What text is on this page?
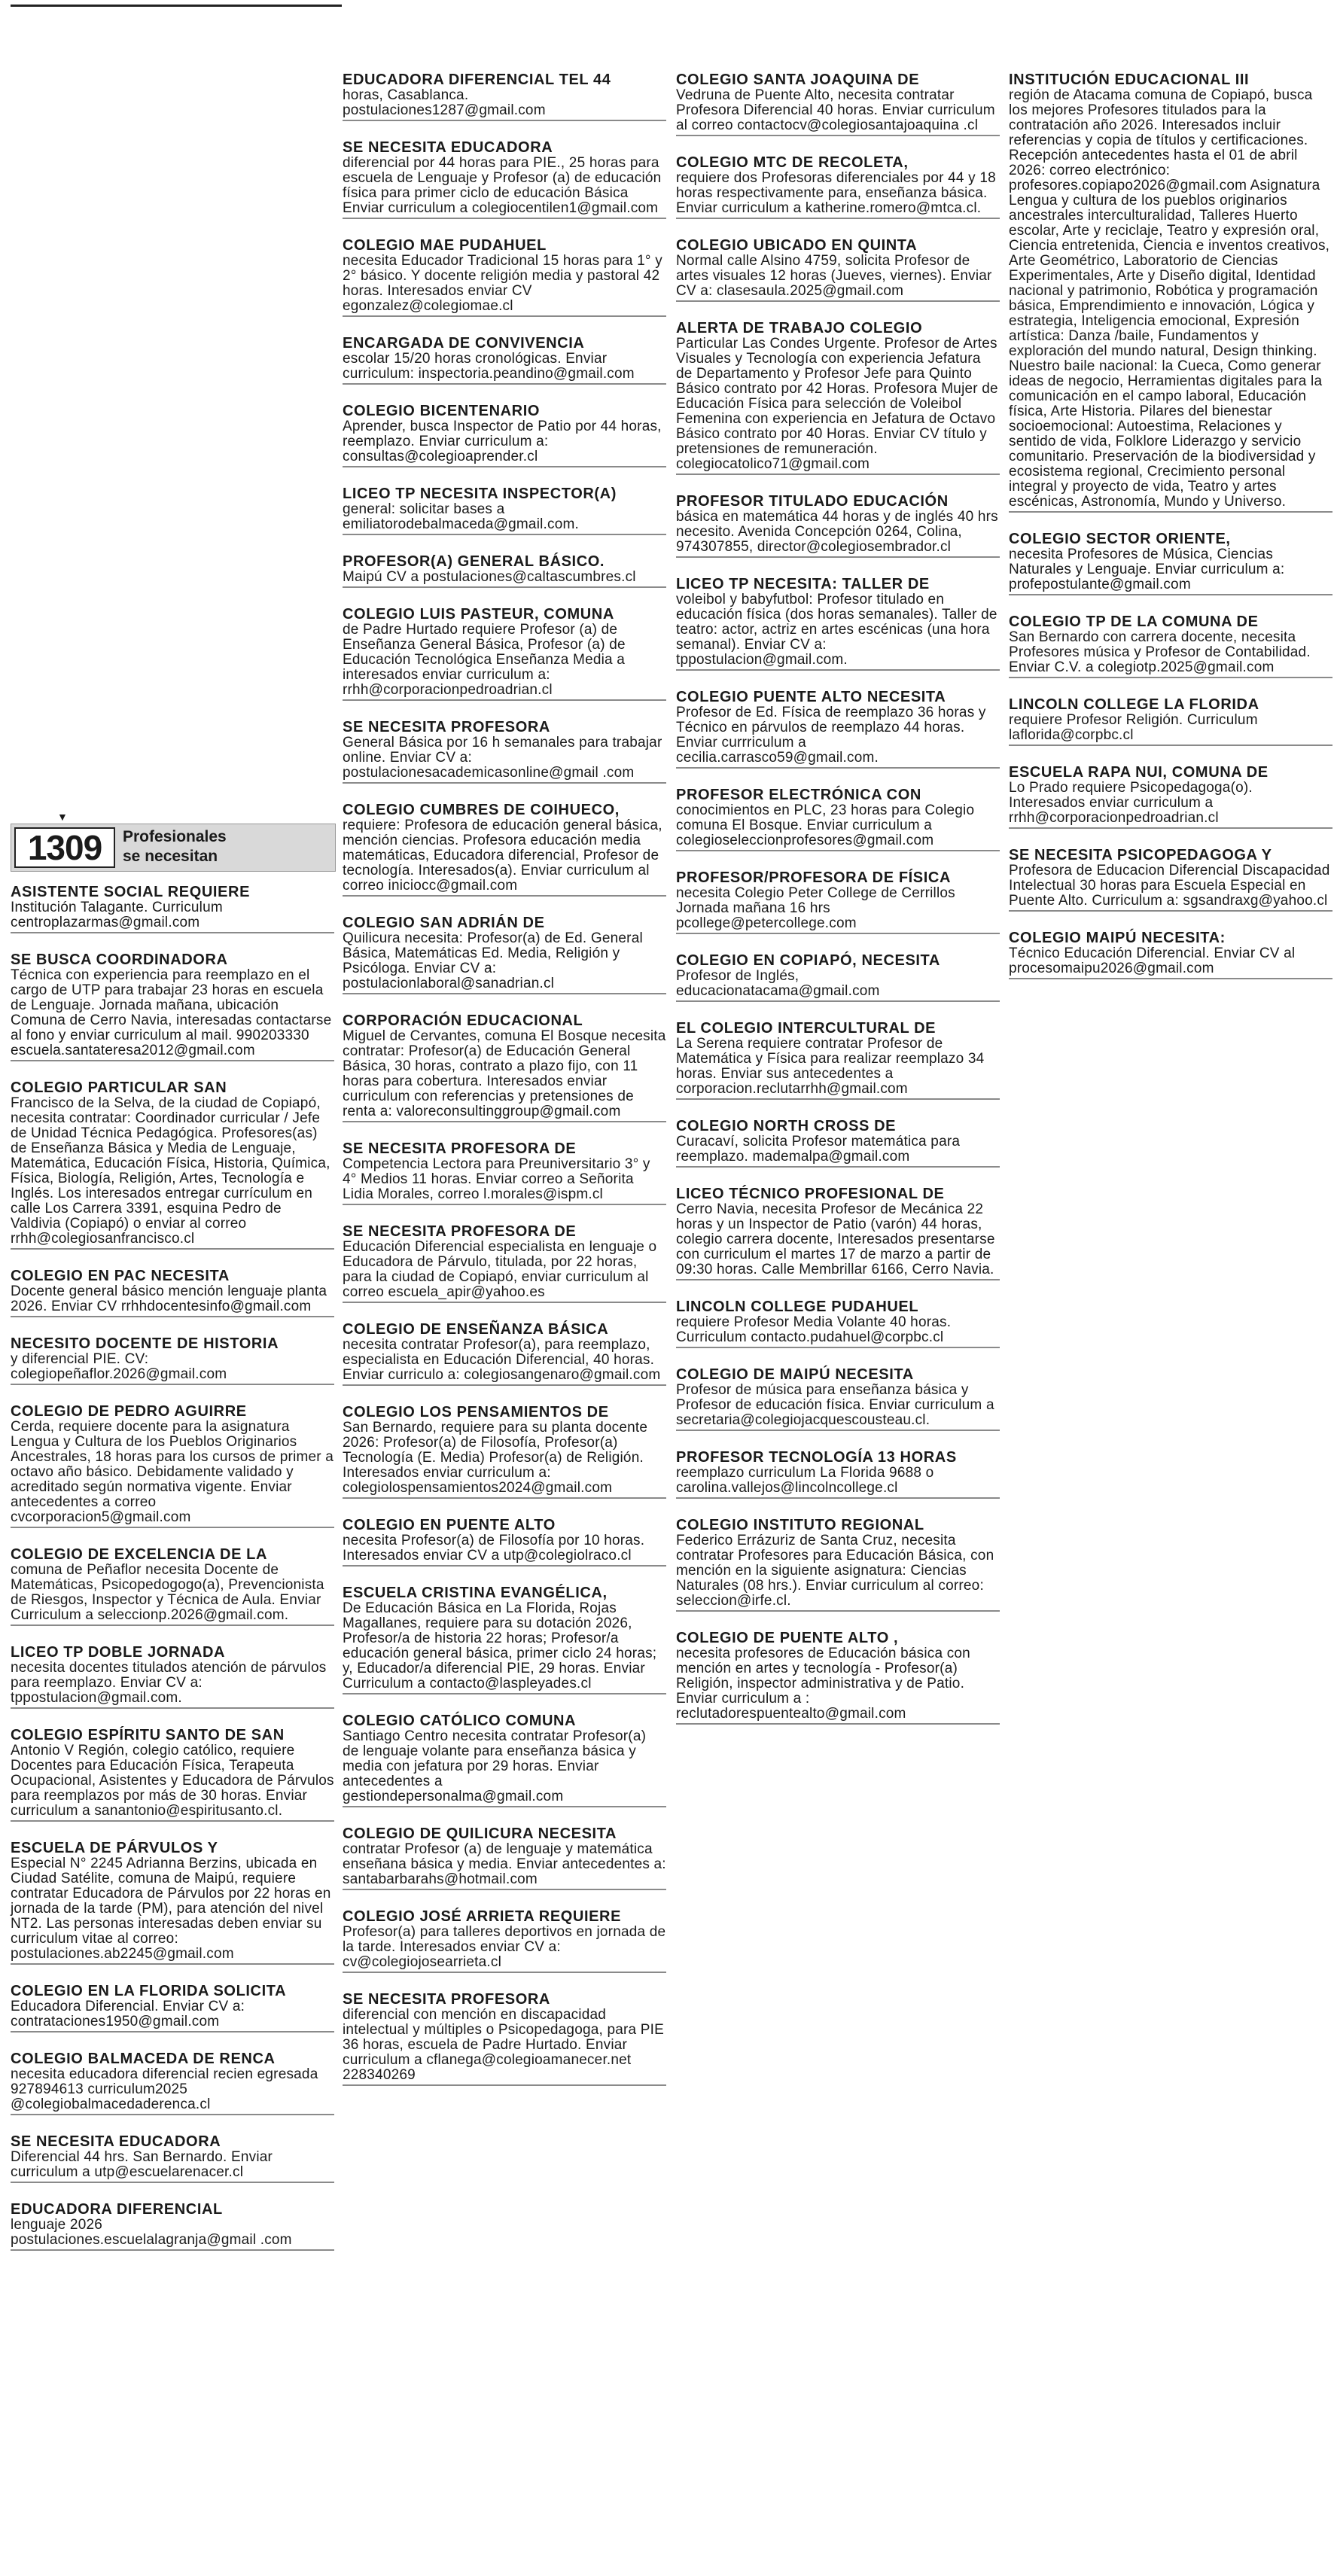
▼
1309	Profesionales
se necesitan
ASISTENTE SOCIAL REQUIERE
Institución Talagante. Curriculum centroplazarmas@gmail.com
SE BUSCA COORDINADORA
Técnica con experiencia para reemplazo en el cargo de UTP para trabajar 23 horas en escuela de Lenguaje. Jornada mañana, ubicación Comuna de Cerro Navia, interesadas contactarse al fono y enviar curriculum al mail. 990203330 escuela.santateresa2012@gmail.com
COLEGIO PARTICULAR SAN
Francisco de la Selva, de la ciudad de Copiapó, necesita contratar: Coordinador curricular / Jefe de Unidad Técnica Pedagógica. Profesores(as) de Enseñanza Básica y Media de Lenguaje, Matemática, Educación Física, Historia, Química, Física, Biología, Religión, Artes, Tecnología e Inglés. Los interesados entregar currículum en calle Los Carrera 3391, esquina Pedro de Valdivia (Copiapó) o enviar al correo rrhh@colegiosanfrancisco.cl
COLEGIO EN PAC NECESITA
Docente general básico mención lenguaje planta 2026. Enviar CV rrhhdocentesinfo@gmail.com
NECESITO DOCENTE DE HISTORIA
y diferencial PIE. CV: colegiopeñaflor.2026@gmail.com
COLEGIO DE PEDRO AGUIRRE
Cerda, requiere docente para la asignatura Lengua y Cultura de los Pueblos Originarios Ancestrales, 18 horas para los cursos de primer a octavo año básico. Debidamente validado y acreditado según normativa vigente. Enviar antecedentes a correo cvcorporacion5@gmail.com
COLEGIO DE EXCELENCIA DE LA
comuna de Peñaflor necesita Docente de Matemáticas, Psicopedogogo(a), Prevencionista de Riesgos, Inspector y Técnica de Aula. Enviar Curriculum a seleccionp.2026@gmail.com.
LICEO TP DOBLE JORNADA
necesita docentes titulados atención de párvulos para reemplazo. Enviar CV a: tppostulacion@gmail.com.
COLEGIO ESPÍRITU SANTO DE SAN
Antonio V Región, colegio católico, requiere Docentes para Educación Física, Terapeuta Ocupacional, Asistentes y Educadora de Párvulos para reemplazos por más de 30 horas. Enviar curriculum a sanantonio@espiritusanto.cl.
ESCUELA DE PÁRVULOS Y
Especial N° 2245 Adrianna Berzins, ubicada en Ciudad Satélite, comuna de Maipú, requiere contratar Educadora de Párvulos por 22 horas en jornada de la tarde (PM), para atención del nivel NT2. Las personas interesadas deben enviar su curriculum vitae al correo: postulaciones.ab2245@gmail.com
COLEGIO EN LA FLORIDA SOLICITA
Educadora Diferencial. Enviar CV a: contrataciones1950@gmail.com
COLEGIO BALMACEDA DE RENCA
necesita educadora diferencial recien egresada 927894613 curriculum2025 @colegiobalmacedaderenca.cl
SE NECESITA EDUCADORA
Diferencial 44 hrs. San Bernardo. Enviar curriculum a utp@escuelarenacer.cl
EDUCADORA DIFERENCIAL
lenguaje 2026 postulaciones.escuelalagranja@gmail .com
EDUCADORA DIFERENCIAL TEL 44
horas, Casablanca. postulaciones1287@gmail.com
SE NECESITA EDUCADORA
diferencial por 44 horas para PIE., 25 horas para escuela de Lenguaje y Profesor (a) de educación física para primer ciclo de educación Básica Enviar curriculum a colegiocentilen1@gmail.com
COLEGIO MAE PUDAHUEL
necesita Educador Tradicional 15 horas para 1° y 2° básico. Y docente religión media y pastoral 42 horas. Interesados enviar CV egonzalez@colegiomae.cl
ENCARGADA DE CONVIVENCIA
escolar 15/20 horas cronológicas. Enviar curriculum: inspectoria.peandino@gmail.com
COLEGIO BICENTENARIO
Aprender, busca Inspector de Patio por 44 horas, reemplazo. Enviar curriculum a: consultas@colegioaprender.cl
LICEO TP NECESITA INSPECTOR(A)
general: solicitar bases a emiliatorodebalmaceda@gmail.com.
PROFESOR(A) GENERAL BÁSICO.
Maipú CV a postulaciones@caltascumbres.cl
COLEGIO LUIS PASTEUR, COMUNA
de Padre Hurtado requiere Profesor (a) de Enseñanza General Básica, Profesor (a) de Educación Tecnológica Enseñanza Media a interesados enviar curriculum a: rrhh@corporacionpedroadrian.cl
SE NECESITA PROFESORA
General Básica por 16 h semanales para trabajar online. Enviar CV a: postulacionesacademicasonline@gmail .com
COLEGIO CUMBRES DE COIHUECO,
requiere: Profesora de educación general básica, mención ciencias. Profesora educación media matemáticas, Educadora diferencial, Profesor de tecnología. Interesados(a). Enviar curriculum al correo iniciocc@gmail.com
COLEGIO SAN ADRIÁN DE
Quilicura necesita: Profesor(a) de Ed. General Básica, Matemáticas Ed. Media, Religión y Psicóloga. Enviar CV a: postulacionlaboral@sanadrian.cl
CORPORACIÓN EDUCACIONAL
Miguel de Cervantes, comuna El Bosque necesita contratar: Profesor(a) de Educación General Básica, 30 horas, contrato a plazo fijo, con 11 horas para cobertura. Interesados enviar curriculum con referencias y pretensiones de renta a: valoreconsultinggroup@gmail.com
SE NECESITA PROFESORA DE
Competencia Lectora para Preuniversitario 3° y 4° Medios 11 horas. Enviar correo a Señorita Lidia Morales, correo l.morales@ispm.cl
SE NECESITA PROFESORA DE
Educación Diferencial especialista en lenguaje o Educadora de Párvulo, titulada, por 22 horas, para la ciudad de Copiapó, enviar curriculum al correo escuela_apir@yahoo.es
COLEGIO DE ENSEÑANZA BÁSICA
necesita contratar Profesor(a), para reemplazo, especialista en Educación Diferencial, 40 horas. Enviar curriculo a: colegiosangenaro@gmail.com
COLEGIO LOS PENSAMIENTOS DE
San Bernardo, requiere para su planta docente 2026: Profesor(a) de Filosofía, Profesor(a) Tecnología (E. Media) Profesor(a) de Religión. Interesados enviar curriculum a: colegiolospensamientos2024@gmail.com
COLEGIO EN PUENTE ALTO
necesita Profesor(a) de Filosofía por 10 horas. Interesados enviar CV a utp@colegiolraco.cl
ESCUELA CRISTINA EVANGÉLICA,
De Educación Básica en La Florida, Rojas Magallanes, requiere para su dotación 2026, Profesor/a de historia 22 horas; Profesor/a educación general básica, primer ciclo 24 horas; y, Educador/a diferencial PIE, 29 horas. Enviar Curriculum a contacto@laspleyades.cl
COLEGIO CATÓLICO COMUNA
Santiago Centro necesita contratar Profesor(a) de lenguaje volante para enseñanza básica y media con jefatura por 29 horas. Enviar antecedentes a gestiondepersonalma@gmail.com
COLEGIO DE QUILICURA NECESITA
contratar Profesor (a) de lenguaje y matemática enseñana básica y media. Enviar antecedentes a: santabarbarahs@hotmail.com
COLEGIO JOSÉ ARRIETA REQUIERE
Profesor(a) para talleres deportivos en jornada de la tarde. Interesados enviar CV a: cv@colegiojosearrieta.cl
SE NECESITA PROFESORA
diferencial con mención en discapacidad intelectual y múltiples o Psicopedagoga, para PIE 36 horas, escuela de Padre Hurtado. Enviar curriculum a cflanega@colegioamanecer.net 228340269
COLEGIO SANTA JOAQUINA DE
Vedruna de Puente Alto, necesita contratar Profesora Diferencial 40 horas. Enviar curriculum al correo contactocv@colegiosantajoaquina .cl
COLEGIO MTC DE RECOLETA,
requiere dos Profesoras diferenciales por 44 y 18 horas respectivamente para, enseñanza básica. Enviar curriculum a katherine.romero@mtca.cl.
COLEGIO UBICADO EN QUINTA
Normal calle Alsino 4759, solicita Profesor de artes visuales 12 horas (Jueves, viernes). Enviar CV a: clasesaula.2025@gmail.com
ALERTA DE TRABAJO COLEGIO
Particular Las Condes Urgente. Profesor de Artes Visuales y Tecnología con experiencia Jefatura de Departamento y Profesor Jefe para Quinto Básico contrato por 42 Horas. Profesora Mujer de Educación Física para selección de Voleibol Femenina con experiencia en Jefatura de Octavo Básico contrato por 40 Horas. Enviar CV título y pretensiones de remuneración. colegiocatolico71@gmail.com
PROFESOR TITULADO EDUCACIÓN
básica en matemática 44 horas y de inglés 40 hrs necesito. Avenida Concepción 0264, Colina, 974307855, director@colegiosembrador.cl
LICEO TP NECESITA: TALLER DE
voleibol y babyfutbol: Profesor titulado en educación física (dos horas semanales). Taller de teatro: actor, actriz en artes escénicas (una hora semanal). Enviar CV a: tppostulacion@gmail.com.
COLEGIO PUENTE ALTO NECESITA
Profesor de Ed. Física de reemplazo 36 horas y Técnico en párvulos de reemplazo 44 horas. Enviar currriculum a cecilia.carrasco59@gmail.com.
PROFESOR ELECTRÓNICA CON
conocimientos en PLC, 23 horas para Colegio comuna El Bosque. Enviar curriculum a colegioseleccionprofesores@gmail.com
PROFESOR/PROFESORA DE FÍSICA
necesita Colegio Peter College de Cerrillos Jornada mañana 16 hrs pcollege@petercollege.com
COLEGIO EN COPIAPÓ, NECESITA
Profesor de Inglés, educacionatacama@gmail.com
EL COLEGIO INTERCULTURAL DE
La Serena requiere contratar Profesor de Matemática y Física para realizar reemplazo 34 horas. Enviar sus antecedentes a corporacion.reclutarrhh@gmail.com
COLEGIO NORTH CROSS DE
Curacaví, solicita Profesor matemática para reemplazo. mademalpa@gmail.com
LICEO TÉCNICO PROFESIONAL DE
Cerro Navia, necesita Profesor de Mecánica 22 horas y un Inspector de Patio (varón) 44 horas, colegio carrera docente, Interesados presentarse con curriculum el martes 17 de marzo a partir de 09:30 horas. Calle Membrillar 6166, Cerro Navia.
LINCOLN COLLEGE PUDAHUEL
requiere Profesor Media Volante 40 horas. Curriculum contacto.pudahuel@corpbc.cl
COLEGIO DE MAIPÚ NECESITA
Profesor de música para enseñanza básica y Profesor de educación física. Enviar curriculum a secretaria@colegiojacquescousteau.cl.
PROFESOR TECNOLOGÍA 13 HORAS
reemplazo curriculum La Florida 9688 o carolina.vallejos@lincolncollege.cl
COLEGIO INSTITUTO REGIONAL
Federico Errázuriz de Santa Cruz, necesita contratar Profesores para Educación Básica, con mención en la siguiente asignatura: Ciencias Naturales (08 hrs.). Enviar curriculum al correo: seleccion@irfe.cl.
COLEGIO DE PUENTE ALTO ,
necesita profesores de Educación básica con mención en artes y tecnología - Profesor(a) Religión, inspector administrativa y de Patio. Enviar curriculum a : reclutadorespuentealto@gmail.com
INSTITUCIÓN EDUCACIONAL III
región de Atacama comuna de Copiapó, busca los mejores Profesores titulados para la contratación año 2026. Interesados incluir referencias y copia de títulos y certificaciones. Recepción antecedentes hasta el 01 de abril 2026: correo electrónico: profesores.copiapo2026@gmail.com Asignatura Lengua y cultura de los pueblos originarios ancestrales interculturalidad, Talleres Huerto escolar, Arte y reciclaje, Teatro y expresión oral, Ciencia entretenida, Ciencia e inventos creativos, Arte Geométrico, Laboratorio de Ciencias Experimentales, Arte y Diseño digital, Identidad nacional y patrimonio, Robótica y programación básica, Emprendimiento e innovación, Lógica y estrategia, Inteligencia emocional, Expresión artística: Danza /baile, Fundamentos y exploración del mundo natural, Design thinking. Nuestro baile nacional: la Cueca, Como generar ideas de negocio, Herramientas digitales para la comunicación en el campo laboral, Educación física, Arte Historia. Pilares del bienestar socioemocional: Autoestima, Relaciones y sentido de vida, Folklore Liderazgo y servicio comunitario. Preservación de la biodiversidad y ecosistema regional, Crecimiento personal integral y proyecto de vida, Teatro y artes escénicas, Astronomía, Mundo y Universo.
COLEGIO SECTOR ORIENTE,
necesita Profesores de Música, Ciencias Naturales y Lenguaje. Enviar curriculum a: profepostulante@gmail.com
COLEGIO TP DE LA COMUNA DE
San Bernardo con carrera docente, necesita Profesores música y Profesor de Contabilidad. Enviar C.V. a colegiotp.2025@gmail.com
LINCOLN COLLEGE LA FLORIDA
requiere Profesor Religión. Curriculum laflorida@corpbc.cl
ESCUELA RAPA NUI, COMUNA DE
Lo Prado requiere Psicopedagoga(o). Interesados enviar curriculum a rrhh@corporacionpedroadrian.cl
SE NECESITA PSICOPEDAGOGA Y
Profesora de Educacion Diferencial Discapacidad Intelectual 30 horas para Escuela Especial en Puente Alto. Curriculum a: sgsandraxg@yahoo.cl
COLEGIO MAIPÚ NECESITA:
Técnico Educación Diferencial. Enviar CV al procesomaipu2026@gmail.com
